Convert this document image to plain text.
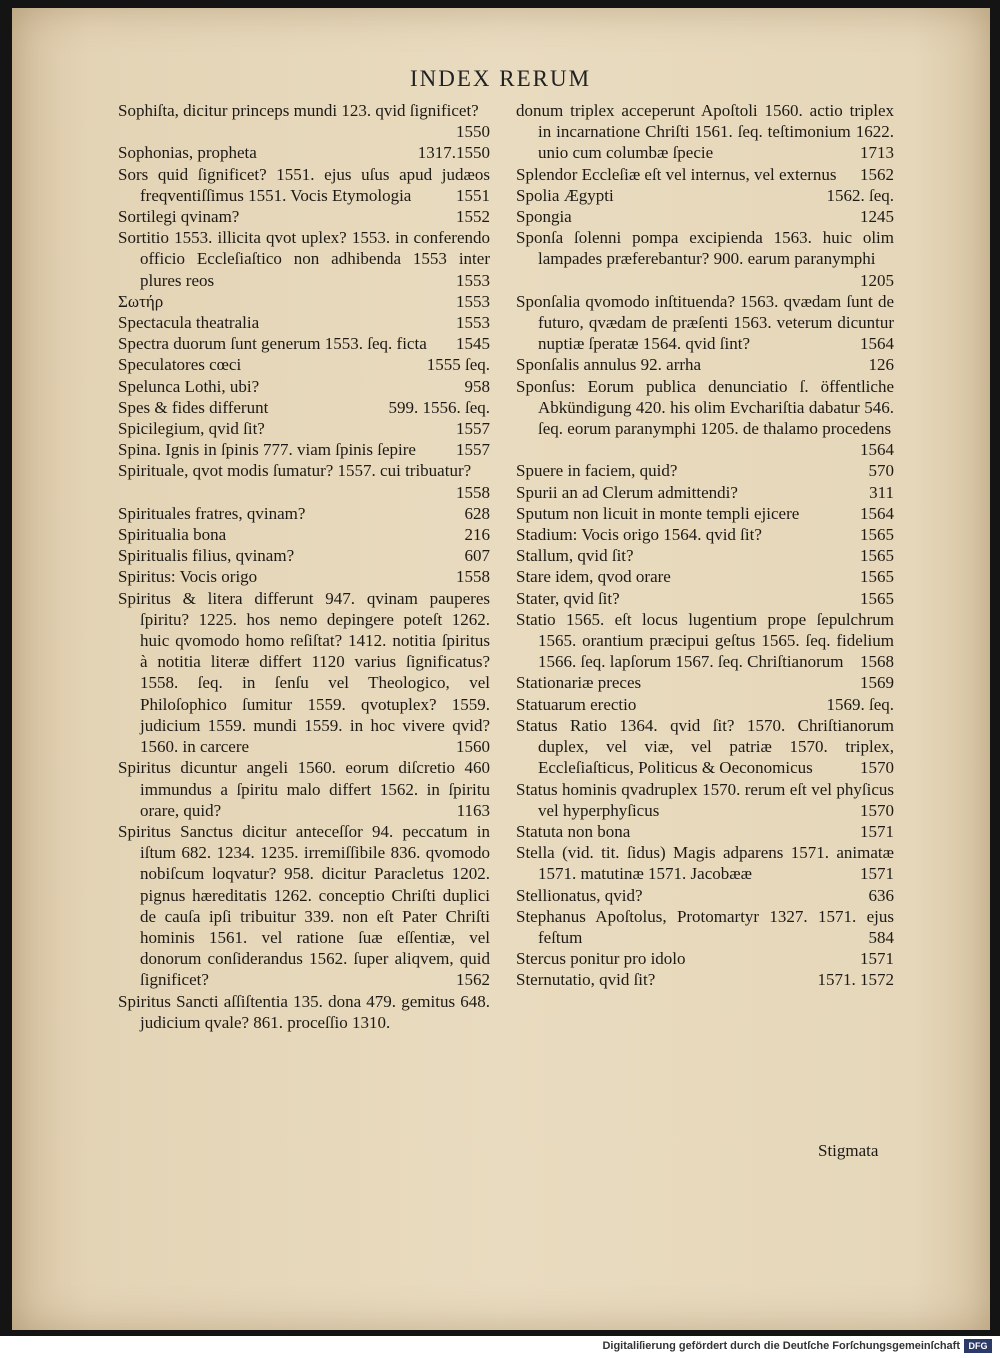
INDEX RERUM

Sophiſta, dicitur princeps mundi 123. qvid ſignificet?
1550

Sophonias, propheta	1317.1550

Sors quid ſignificet? 1551. ejus uſus apud judæos freqventiſſimus 1551. Vocis Etymologia	1551

Sortilegi qvinam?	1552

Sortitio 1553. illicita qvot uplex? 1553. in conferendo officio Eccleſiaſtico non adhibenda 1553 inter plures reos	1553

Σωτήρ	1553

Spectacula theatralia	1553

Spectra duorum ſunt generum 1553. ſeq. ficta 1545

Speculatores cœci	1555 ſeq.

Spelunca Lothi, ubi?	958

Spes & fides differunt	599. 1556. ſeq.

Spicilegium, qvid ſit?	1557

Spina. Ignis in ſpinis 777. viam ſpinis ſepire 1557

Spirituale, qvot modis ſumatur? 1557. cui tribuatur?
1558

Spirituales fratres, qvinam?	628

Spiritualia bona	216

Spiritualis filius, qvinam?	607

Spiritus: Vocis origo	1558

Spiritus & litera differunt 947. qvinam pauperes ſpiritu? 1225. hos nemo depingere poteſt 1262. huic qvomodo homo reſiſtat? 1412. notitia ſpiritus à notitia literæ differt 1120 varius ſignificatus? 1558. ſeq. in ſenſu vel Theologico, vel Philoſophico ſumitur 1559. qvotuplex? 1559. judicium 1559. mundi 1559. in hoc vivere qvid? 1560. in carcere	1560

Spiritus dicuntur angeli 1560. eorum diſcretio 460 immundus a ſpiritu malo differt 1562. in ſpiritu orare, quid?	1163

Spiritus Sanctus dicitur anteceſſor 94. peccatum in iſtum 682. 1234. 1235. irremiſſibile 836. qvomodo nobiſcum loqvatur? 958. dicitur Paracletus 1202. pignus hæreditatis 1262. conceptio Chriſti duplici de cauſa ipſi tribuitur 339. non eſt Pater Chriſti hominis 1561. vel ratione ſuæ eſſentiæ, vel donorum conſiderandus 1562. ſuper aliqvem, quid ſignificet?	1562

Spiritus Sancti aſſiſtentia 135. dona 479. gemitus 648. judicium qvale? 861. proceſſio 1310.

donum triplex acceperunt Apoſtoli 1560. actio triplex in incarnatione Chriſti 1561. ſeq. teſtimonium 1622. unio cum columbæ ſpecie	1713

Splendor Eccleſiæ eſt vel internus, vel externus 1562

Spolia Ægypti	1562. ſeq.

Spongia	1245

Sponſa ſolenni pompa excipienda 1563. huic olim lampades præferebantur? 900. earum paranymphi
1205

Sponſalia qvomodo inſtituenda? 1563. qvædam ſunt de futuro, qvædam de præſenti 1563. veterum dicuntur nuptiæ ſperatæ 1564. qvid ſint?	1564

Sponſalis annulus 92. arrha	126

Sponſus: Eorum publica denunciatio ſ. öffentliche Abkündigung 420. his olim Evchariſtia dabatur 546. ſeq. eorum paranymphi 1205. de thalamo procedens
1564

Spuere in faciem, quid?	570

Spurii an ad Clerum admittendi?	311

Sputum non licuit in monte templi ejicere	1564

Stadium: Vocis origo 1564. qvid ſit?	1565

Stallum, qvid ſit?	1565

Stare idem, qvod orare	1565

Stater, qvid ſit?	1565

Statio 1565. eſt locus lugentium prope ſepulchrum 1565. orantium præcipui geſtus 1565. ſeq. fidelium 1566. ſeq. lapſorum 1567. ſeq. Chriſtianorum 1568

Stationariæ preces	1569

Statuarum erectio	1569. ſeq.

Status Ratio 1364. qvid ſit? 1570. Chriſtianorum duplex, vel viæ, vel patriæ 1570. triplex, Eccleſiaſticus, Politicus & Oeconomicus	1570

Status hominis qvadruplex 1570. rerum eſt vel phyſicus vel hyperphyſicus	1570

Statuta non bona	1571

Stella (vid. tit. ſidus) Magis adparens 1571. animatæ 1571. matutinæ 1571. Jacobææ	1571

Stellionatus, qvid?	636

Stephanus Apoſtolus, Protomartyr 1327. 1571. ejus feſtum	584

Stercus ponitur pro idolo	1571

Sternutatio, qvid ſit?	1571. 1572

Stigmata
Digitaliſierung gefördert durch die Deutſche Forſchungsgemeinſchaft DFG
